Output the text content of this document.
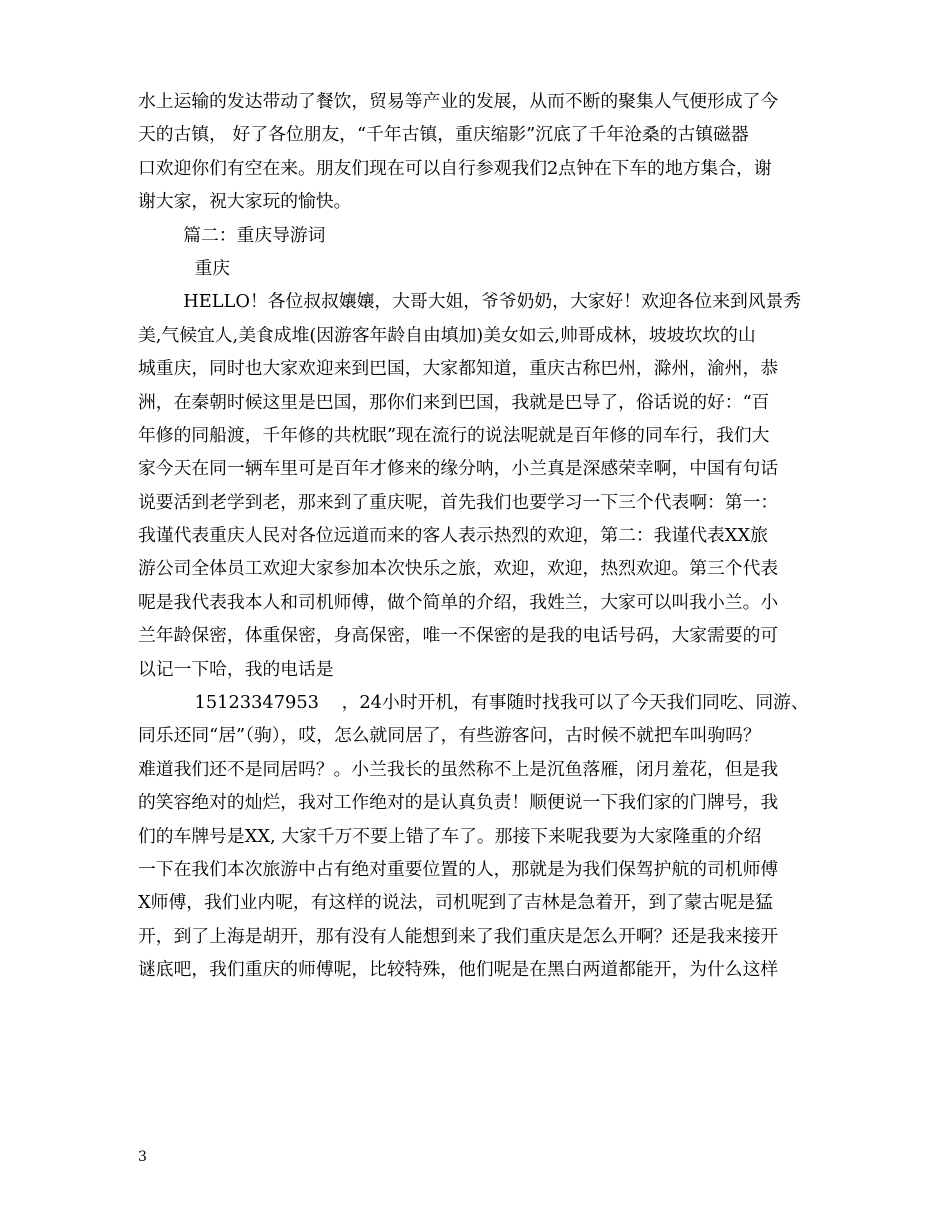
水上运输的发达带动了餐饮，贸易等产业的发展，从而不断的聚集人气便形成了今
天的古镇， 好了各位朋友，“千年古镇，重庆缩影”沉底了千年沧桑的古镇磁器
口欢迎你们有空在来。朋友们现在可以自行参观我们2点钟在下车的地方集合，谢
谢大家，祝大家玩的愉快。
篇二：重庆导游词
重庆
HELLO！各位叔叔孃孃，大哥大姐，爷爷奶奶，大家好！欢迎各位来到风景秀
美,气候宜人,美食成堆(因游客年龄自由填加)美女如云,帅哥成林，坡坡坎坎的山
城重庆，同时也大家欢迎来到巴国，大家都知道，重庆古称巴州，滁州，渝州，恭
洲，在秦朝时候这里是巴国，那你们来到巴国，我就是巴导了，俗话说的好：“百
年修的同船渡，千年修的共枕眠”现在流行的说法呢就是百年修的同车行，我们大
家今天在同一辆车里可是百年才修来的缘分呐，小兰真是深感荣幸啊，中国有句话
说要活到老学到老，那来到了重庆呢，首先我们也要学习一下三个代表啊：第一：
我谨代表重庆人民对各位远道而来的客人表示热烈的欢迎，第二：我谨代表XX旅
游公司全体员工欢迎大家参加本次快乐之旅，欢迎，欢迎，热烈欢迎。第三个代表
呢是我代表我本人和司机师傅，做个简单的介绍，我姓兰，大家可以叫我小兰。小
兰年龄保密，体重保密，身高保密，唯一不保密的是我的电话号码，大家需要的可
以记一下哈，我的电话是
15123347953    ，24小时开机，有事随时找我可以了今天我们同吃、同游、
同乐还同“居”（驹），哎，怎么就同居了，有些游客问，古时候不就把车叫驹吗？
难道我们还不是同居吗？。小兰我长的虽然称不上是沉鱼落雁，闭月羞花，但是我
的笑容绝对的灿烂，我对工作绝对的是认真负责！顺便说一下我们家的门牌号，我
们的车牌号是XX, 大家千万不要上错了车了。那接下来呢我要为大家隆重的介绍
一下在我们本次旅游中占有绝对重要位置的人，那就是为我们保驾护航的司机师傅
X师傅，我们业内呢，有这样的说法，司机呢到了吉林是急着开，到了蒙古呢是猛
开，到了上海是胡开，那有没有人能想到来了我们重庆是怎么开啊？还是我来接开
谜底吧，我们重庆的师傅呢，比较特殊，他们呢是在黑白两道都能开，为什么这样
3
